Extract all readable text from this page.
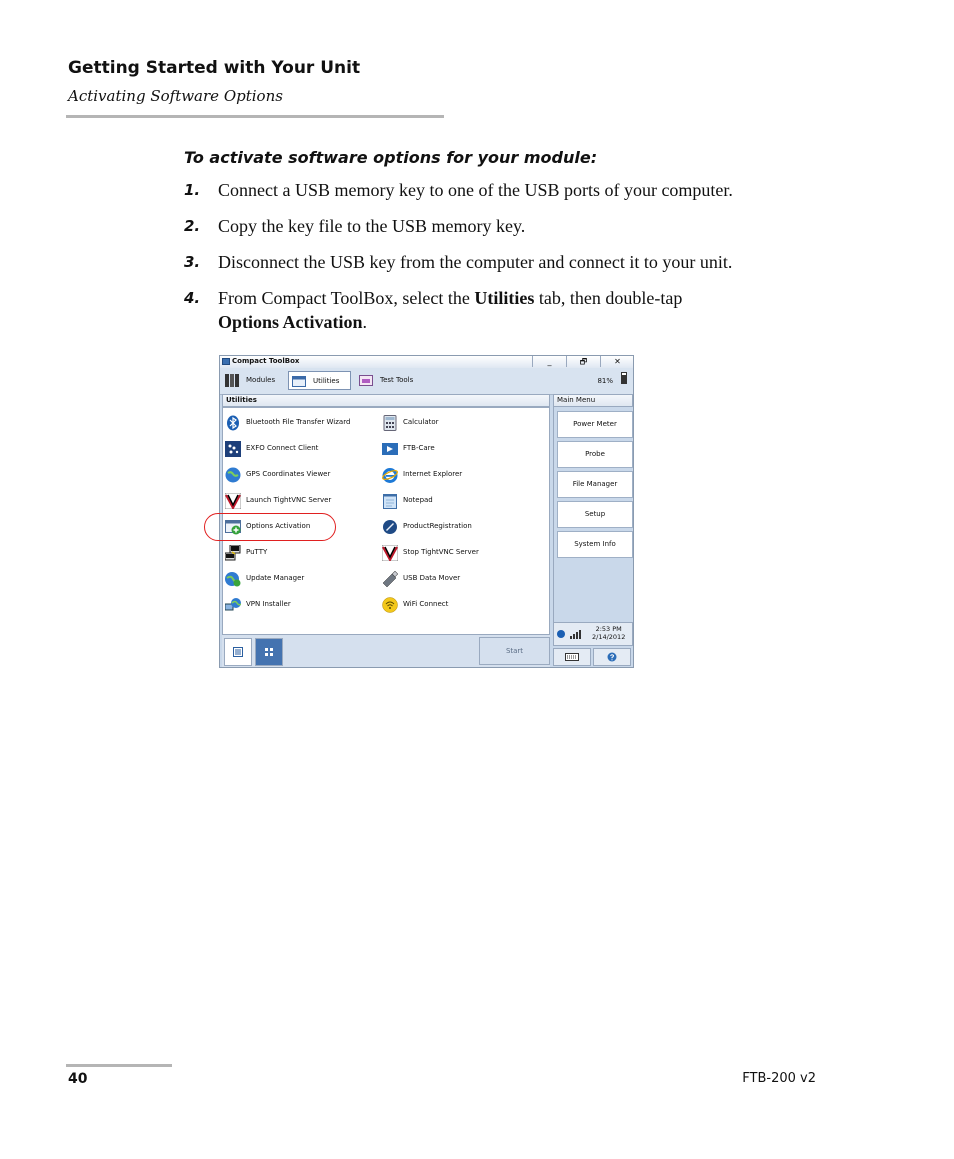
Getting Started with Your Unit
Activating Software Options
To activate software options for your module:
1. Connect a USB memory key to one of the USB ports of your computer.
2. Copy the key file to the USB memory key.
3. Disconnect the USB key from the computer and connect it to your unit.
4. From Compact ToolBox, select the Utilities tab, then double-tap
Options Activation.
Compact ToolBox	_	🗗	✕
Modules	Utilities	Test Tools	81%
Utilities	Main Menu
Bluetooth File Transfer Wizard
EXFO Connect Client
GPS Coordinates Viewer
Launch TightVNC Server
Options Activation
PuTTY
Update Manager
VPN Installer
Calculator
FTB-Care
Internet Explorer
Notepad
ProductRegistration
Stop TightVNC Server
USB Data Mover
WiFi Connect
Power Meter
Probe
File Manager
Setup
System Info
Start
2:53 PM
2/14/2012
40	FTB-200 v2
